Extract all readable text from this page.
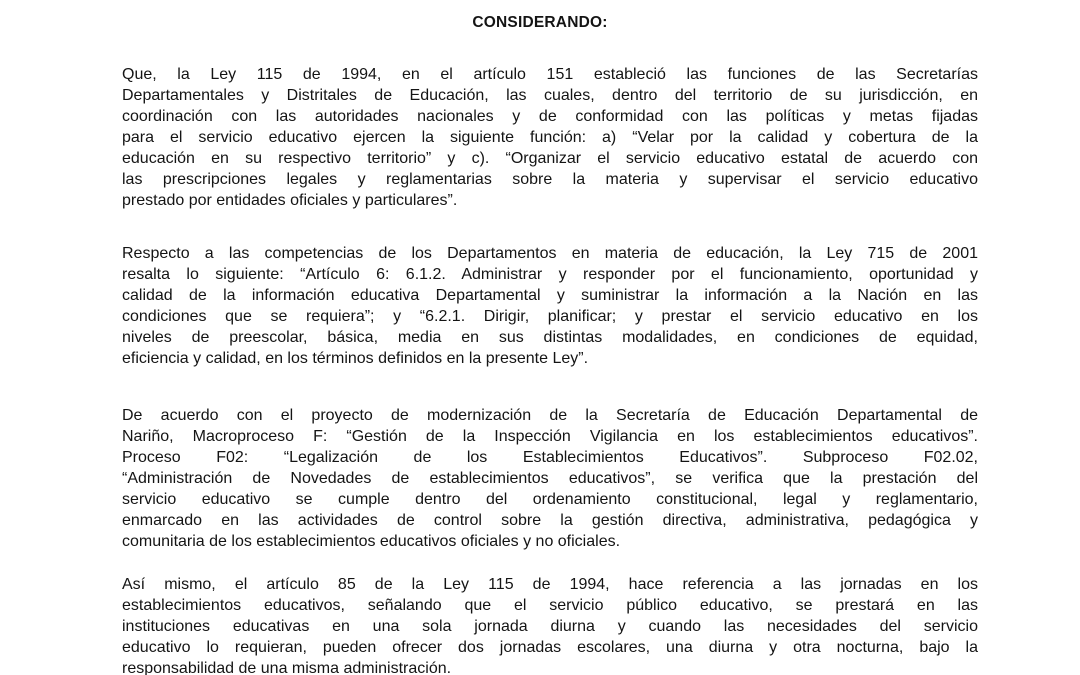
CONSIDERANDO:
Que, la Ley 115 de 1994, en el artículo 151 estableció las funciones de las Secretarías
Departamentales y Distritales de Educación, las cuales, dentro del territorio de su jurisdicción, en
coordinación con las autoridades nacionales y de conformidad con las políticas y metas fijadas
para el servicio educativo ejercen la siguiente función: a) “Velar por la calidad y cobertura de la
educación en su respectivo territorio” y c). “Organizar el servicio educativo estatal de acuerdo con
las prescripciones legales y reglamentarias sobre la materia y supervisar el servicio educativo
prestado por entidades oficiales y particulares”.
Respecto a las competencias de los Departamentos en materia de educación, la Ley 715 de 2001
resalta lo siguiente: “Artículo 6: 6.1.2. Administrar y responder por el funcionamiento, oportunidad y
calidad de la información educativa Departamental y suministrar la información a la Nación en las
condiciones que se requiera”; y “6.2.1. Dirigir, planificar; y prestar el servicio educativo en los
niveles de preescolar, básica, media en sus distintas modalidades, en condiciones de equidad,
eficiencia y calidad, en los términos definidos en la presente Ley”.
De acuerdo con el proyecto de modernización de la Secretaría de Educación Departamental de
Nariño, Macroproceso F: “Gestión de la Inspección Vigilancia en los establecimientos educativos”.
Proceso F02: “Legalización de los Establecimientos Educativos”. Subproceso F02.02,
“Administración de Novedades de establecimientos educativos”, se verifica que la prestación del
servicio educativo se cumple dentro del ordenamiento constitucional, legal y reglamentario,
enmarcado en las actividades de control sobre la gestión directiva, administrativa, pedagógica y
comunitaria de los establecimientos educativos oficiales y no oficiales.
Así mismo, el artículo 85 de la Ley 115 de 1994, hace referencia a las jornadas en los
establecimientos educativos, señalando que el servicio público educativo, se prestará en las
instituciones educativas en una sola jornada diurna y cuando las necesidades del servicio
educativo lo requieran, pueden ofrecer dos jornadas escolares, una diurna y otra nocturna, bajo la
responsabilidad de una misma administración.
